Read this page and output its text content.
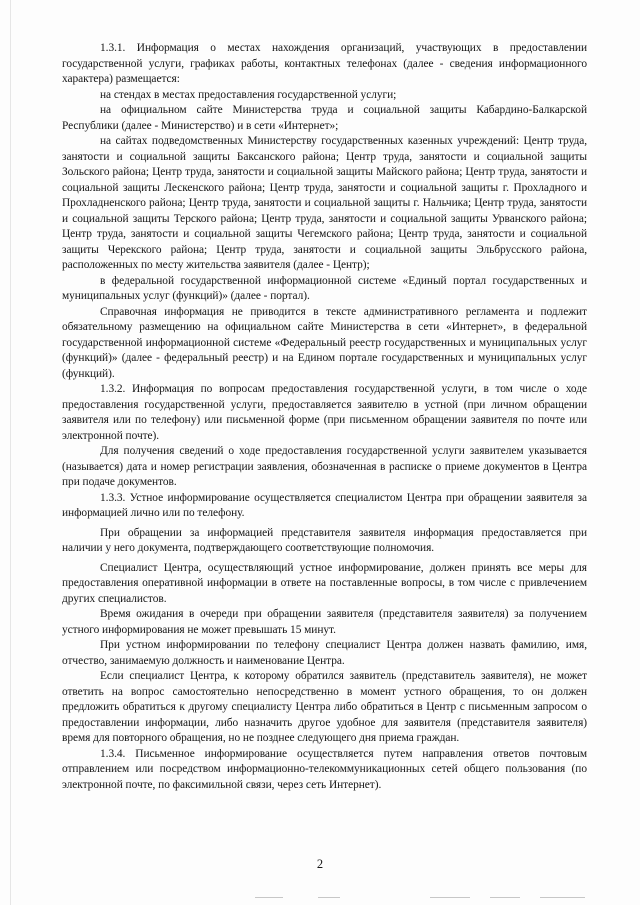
1.3.1. Информация о местах нахождения организаций, участвующих в предоставлении государственной услуги, графиках работы, контактных телефонах (далее - сведения информационного характера) размещается:

на стендах в местах предоставления государственной услуги;

на официальном сайте Министерства труда и социальной защиты Кабардино-Балкарской Республики (далее - Министерство) и в сети «Интернет»;

на сайтах подведомственных Министерству государственных казенных учреждений: Центр труда, занятости и социальной защиты Баксанского района; Центр труда, занятости и социальной защиты Зольского района; Центр труда, занятости и социальной защиты Майского района; Центр труда, занятости и социальной защиты Лескенского района; Центр труда, занятости и социальной защиты г. Прохладного и Прохладненского района; Центр труда, занятости и социальной защиты г. Нальчика; Центр труда, занятости и социальной защиты Терского района; Центр труда, занятости и социальной защиты Урванского района; Центр труда, занятости и социальной защиты Чегемского района; Центр труда, занятости и социальной защиты Черекского района; Центр труда, занятости и социальной защиты Эльбрусского района, расположенных по месту жительства заявителя (далее - Центр);

в федеральной государственной информационной системе «Единый портал государственных и муниципальных услуг (функций)» (далее - портал).

Справочная информация не приводится в тексте административного регламента и подлежит обязательному размещению на официальном сайте Министерства в сети «Интернет», в федеральной государственной информационной системе «Федеральный реестр государственных и муниципальных услуг (функций)» (далее - федеральный реестр) и на Едином портале государственных и муниципальных услуг (функций).

1.3.2. Информация по вопросам предоставления государственной услуги, в том числе о ходе предоставления государственной услуги, предоставляется заявителю в устной (при личном обращении заявителя или по телефону) или письменной форме (при письменном обращении заявителя по почте или электронной почте).

Для получения сведений о ходе предоставления государственной услуги заявителем указывается (называется) дата и номер регистрации заявления, обозначенная в расписке о приеме документов в Центра при подаче документов.

1.3.3. Устное информирование осуществляется специалистом Центра при обращении заявителя за информацией лично или по телефону.

При обращении за информацией представителя заявителя информация предоставляется при наличии у него документа, подтверждающего соответствующие полномочия.

Специалист Центра, осуществляющий устное информирование, должен принять все меры для предоставления оперативной информации в ответе на поставленные вопросы, в том числе с привлечением других специалистов.

Время ожидания в очереди при обращении заявителя (представителя заявителя) за получением устного информирования не может превышать 15 минут.

При устном информировании по телефону специалист Центра должен назвать фамилию, имя, отчество, занимаемую должность и наименование Центра.

Если специалист Центра, к которому обратился заявитель (представитель заявителя), не может ответить на вопрос самостоятельно непосредственно в момент устного обращения, то он должен предложить обратиться к другому специалисту Центра либо обратиться в Центр с письменным запросом о предоставлении информации, либо назначить другое удобное для заявителя (представителя заявителя) время для повторного обращения, но не позднее следующего дня приема граждан.

1.3.4. Письменное информирование осуществляется путем направления ответов почтовым отправлением или посредством информационно-телекоммуникационных сетей общего пользования (по электронной почте, по факсимильной связи, через сеть Интернет).

2
